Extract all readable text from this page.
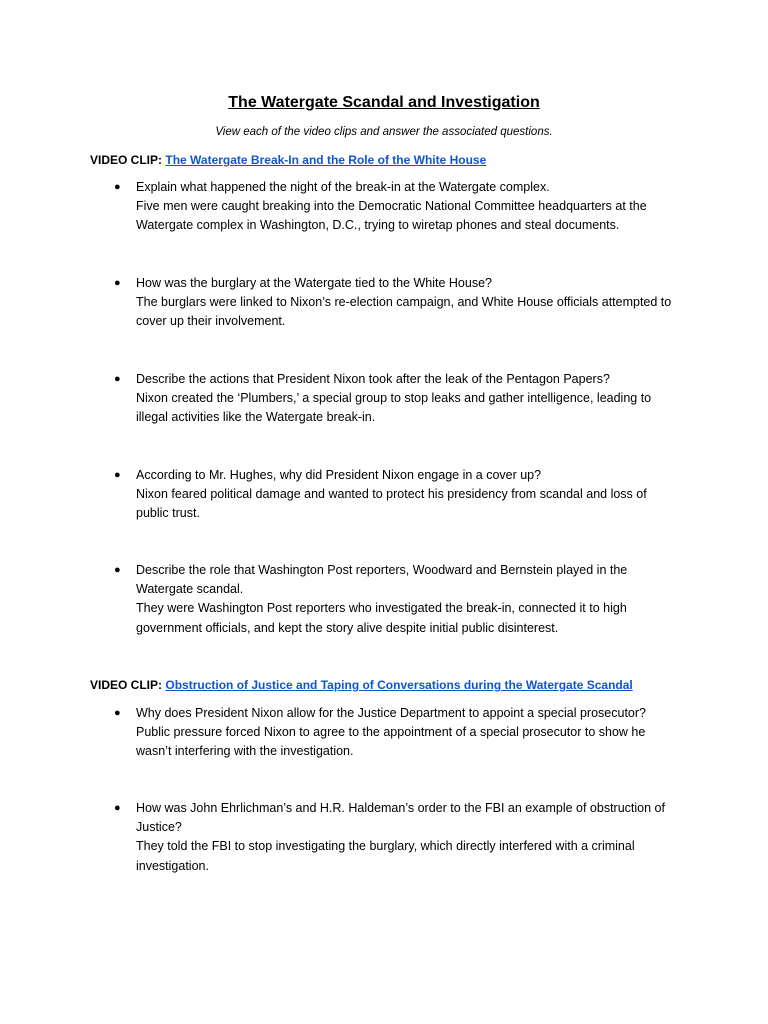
The Watergate Scandal and Investigation
View each of the video clips and answer the associated questions.
VIDEO CLIP: The Watergate Break-In and the Role of the White House
● Explain what happened the night of the break-in at the Watergate complex.
Five men were caught breaking into the Democratic National Committee headquarters at the Watergate complex in Washington, D.C., trying to wiretap phones and steal documents.
● How was the burglary at the Watergate tied to the White House?
The burglars were linked to Nixon’s re-election campaign, and White House officials attempted to cover up their involvement.
● Describe the actions that President Nixon took after the leak of the Pentagon Papers?
Nixon created the ‘Plumbers,’ a special group to stop leaks and gather intelligence, leading to illegal activities like the Watergate break-in.
● According to Mr. Hughes, why did President Nixon engage in a cover up?
Nixon feared political damage and wanted to protect his presidency from scandal and loss of public trust.
● Describe the role that Washington Post reporters, Woodward and Bernstein played in the Watergate scandal.
They were Washington Post reporters who investigated the break-in, connected it to high government officials, and kept the story alive despite initial public disinterest.
VIDEO CLIP: Obstruction of Justice and Taping of Conversations during the Watergate Scandal
● Why does President Nixon allow for the Justice Department to appoint a special prosecutor?
Public pressure forced Nixon to agree to the appointment of a special prosecutor to show he wasn’t interfering with the investigation.
● How was John Ehrlichman’s and H.R. Haldeman’s order to the FBI an example of obstruction of Justice?
They told the FBI to stop investigating the burglary, which directly interfered with a criminal investigation.
